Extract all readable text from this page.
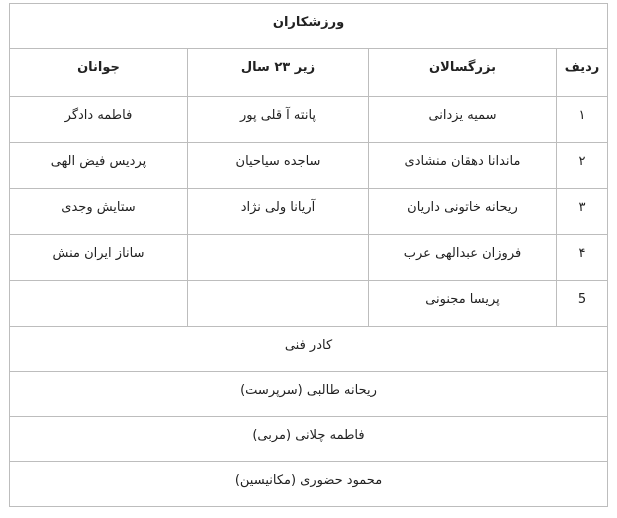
ورزشکاران			
ردیف	بزرگسالان	زیر ۲۳ سال	جوانان
۱	سمیه یزدانی	پانته آ قلی پور	فاطمه دادگر
۲	ماندانا دهقان منشادی	ساجده سیاحیان	پردیس فیض الهی
۳	ریحانه خاتونی داریان	آریانا ولی نژاد	ستایش وجدی
۴	فروزان عبدالهی عرب		ساناز ایران منش
5	پریسا مجنونی		
کادر فنی			
ریحانه طالبی (سرپرست)			
فاطمه چلانی (مربی)			
محمود حضوری (مکانیسین)			
